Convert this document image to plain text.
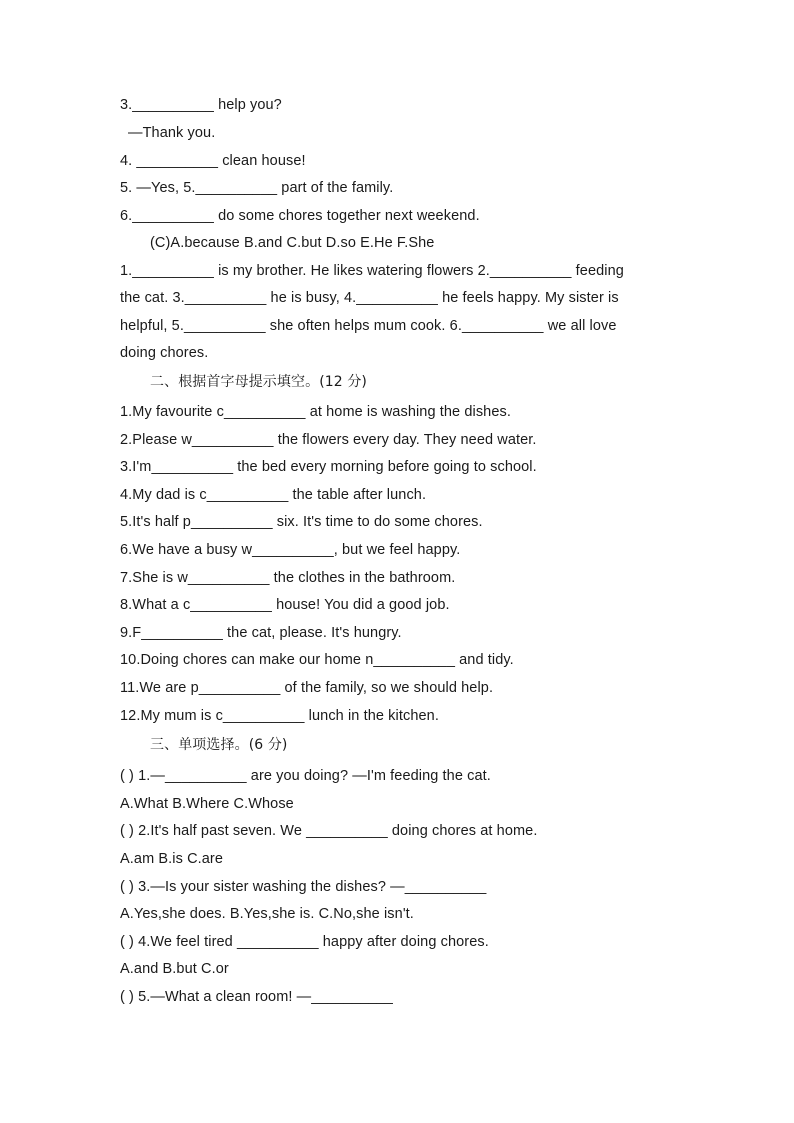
3.__________ help you?
—Thank you.
4. __________ clean house!
5. —Yes, 5.__________ part of the family.
6.__________ do some chores together next weekend.
(C)A.because B.and C.but D.so E.He F.She
1.__________ is my brother. He likes watering flowers 2.__________ feeding
the cat. 3.__________ he is busy, 4.__________ he feels happy. My sister is
helpful, 5.__________ she often helps mum cook. 6.__________ we all love
doing chores.
二、根据首字母提示填空。(12 分)
1.My favourite c__________ at home is washing the dishes.
2.Please w__________ the flowers every day. They need water.
3.I'm__________ the bed every morning before going to school.
4.My dad is c__________ the table after lunch.
5.It's half p__________ six. It's time to do some chores.
6.We have a busy w__________, but we feel happy.
7.She is w__________ the clothes in the bathroom.
8.What a c__________ house! You did a good job.
9.F__________ the cat, please. It's hungry.
10.Doing chores can make our home n__________ and tidy.
11.We are p__________ of the family, so we should help.
12.My mum is c__________ lunch in the kitchen.
三、单项选择。(6 分)
( ) 1.—__________ are you doing? —I'm feeding the cat.
A.What B.Where C.Whose
( ) 2.It's half past seven. We __________ doing chores at home.
A.am B.is C.are
( ) 3.—Is your sister washing the dishes? —__________
A.Yes,she does. B.Yes,she is. C.No,she isn't.
( ) 4.We feel tired __________ happy after doing chores.
A.and B.but C.or
( ) 5.—What a clean room! —__________
